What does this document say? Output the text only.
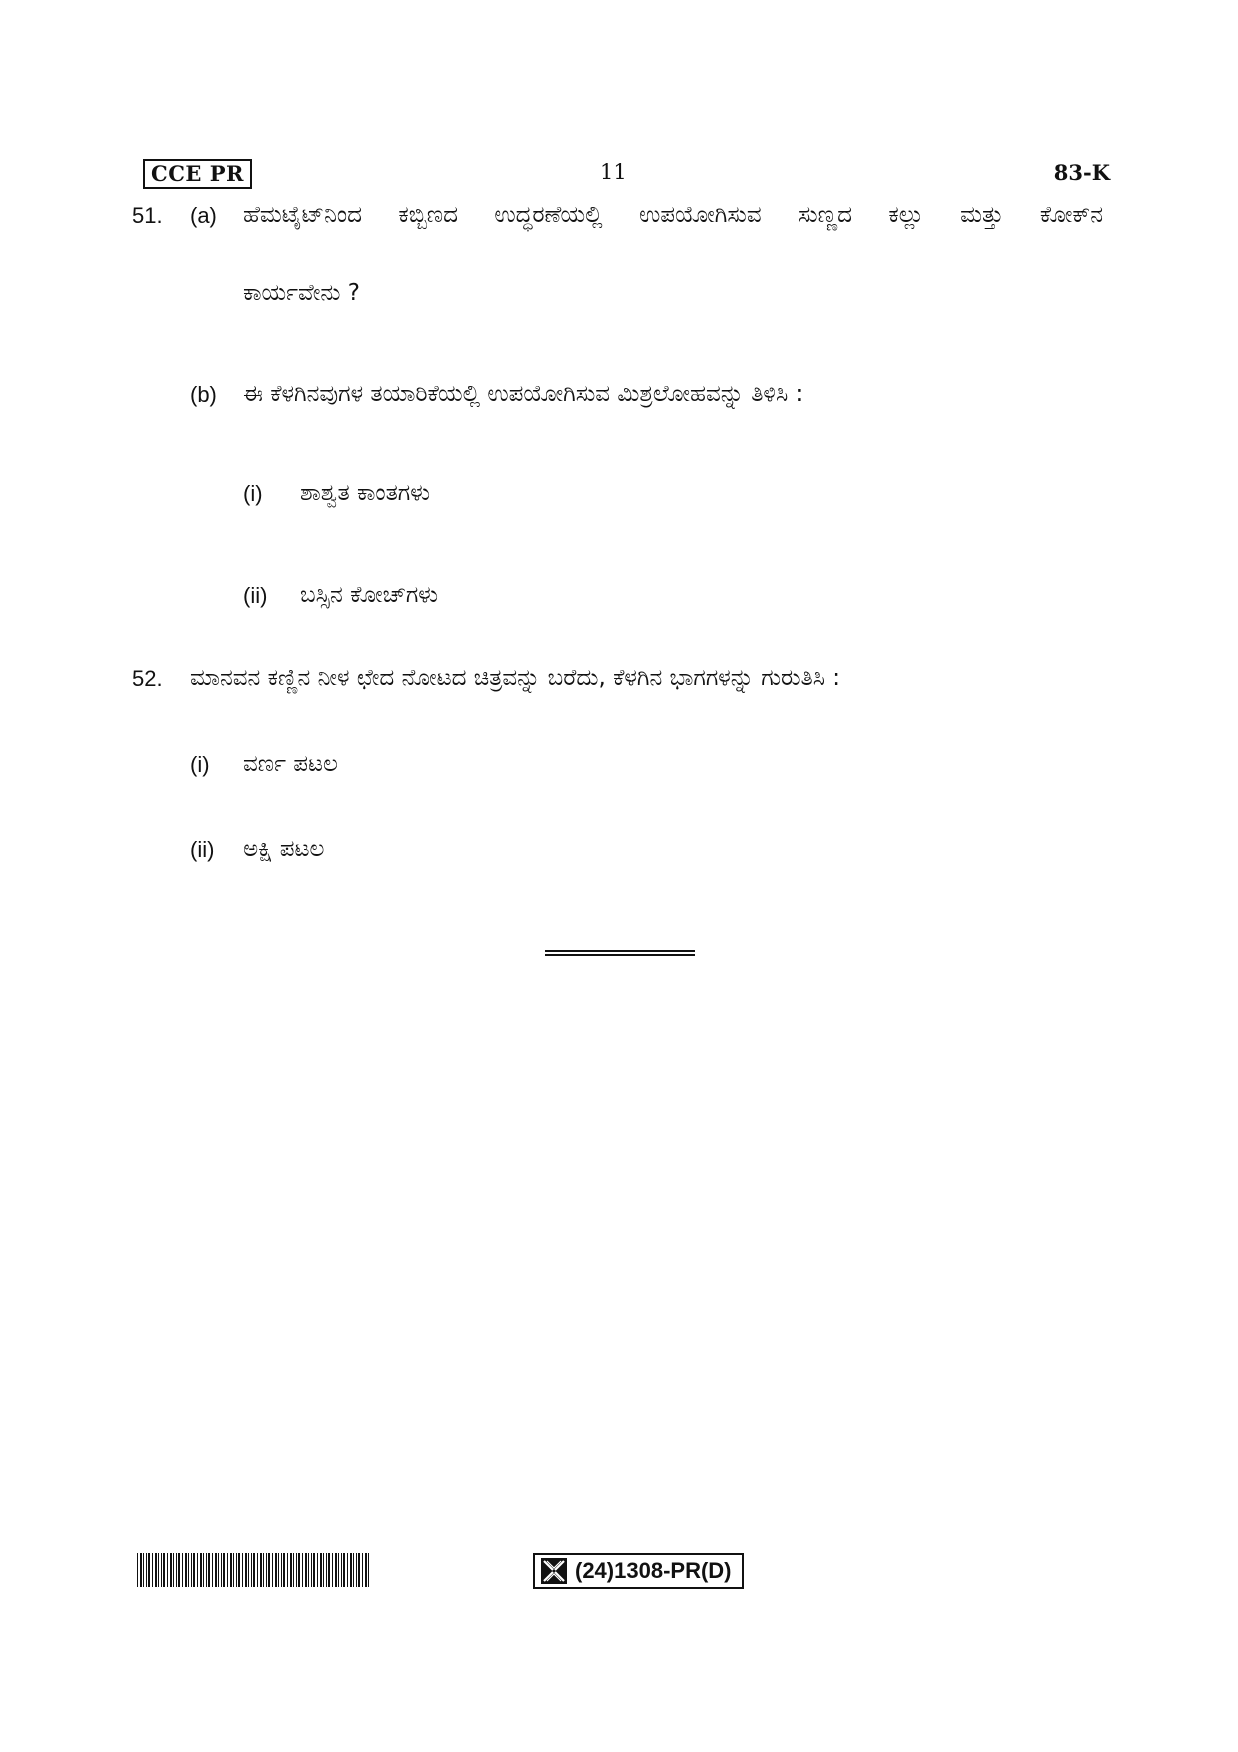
CCE PR	11	83-K
51. (a) ಹೆಮಟೈಟ್‌ನಿಂದ ಕಬ್ಬಿಣದ ಉದ್ಧರಣೆಯಲ್ಲಿ ಉಪಯೋಗಿಸುವ ಸುಣ್ಣದ ಕಲ್ಲು ಮತ್ತು ಕೋಕ್‌ನ
ಕಾರ್ಯವೇನು ?
(b) ಈ ಕೆಳಗಿನವುಗಳ ತಯಾರಿಕೆಯಲ್ಲಿ ಉಪಯೋಗಿಸುವ ಮಿಶ್ರಲೋಹವನ್ನು ತಿಳಿಸಿ :
(i) ಶಾಶ್ವತ ಕಾಂತಗಳು
(ii) ಬಸ್ಸಿನ ಕೋಚ್‌ಗಳು
52. ಮಾನವನ ಕಣ್ಣಿನ ನೀಳ ಛೇದ ನೋಟದ ಚಿತ್ರವನ್ನು ಬರೆದು, ಕೆಳಗಿನ ಭಾಗಗಳನ್ನು ಗುರುತಿಸಿ :
(i) ವರ್ಣ ಪಟಲ
(ii) ಅಕ್ಷಿ ಪಟಲ
(24)1308-PR(D)
